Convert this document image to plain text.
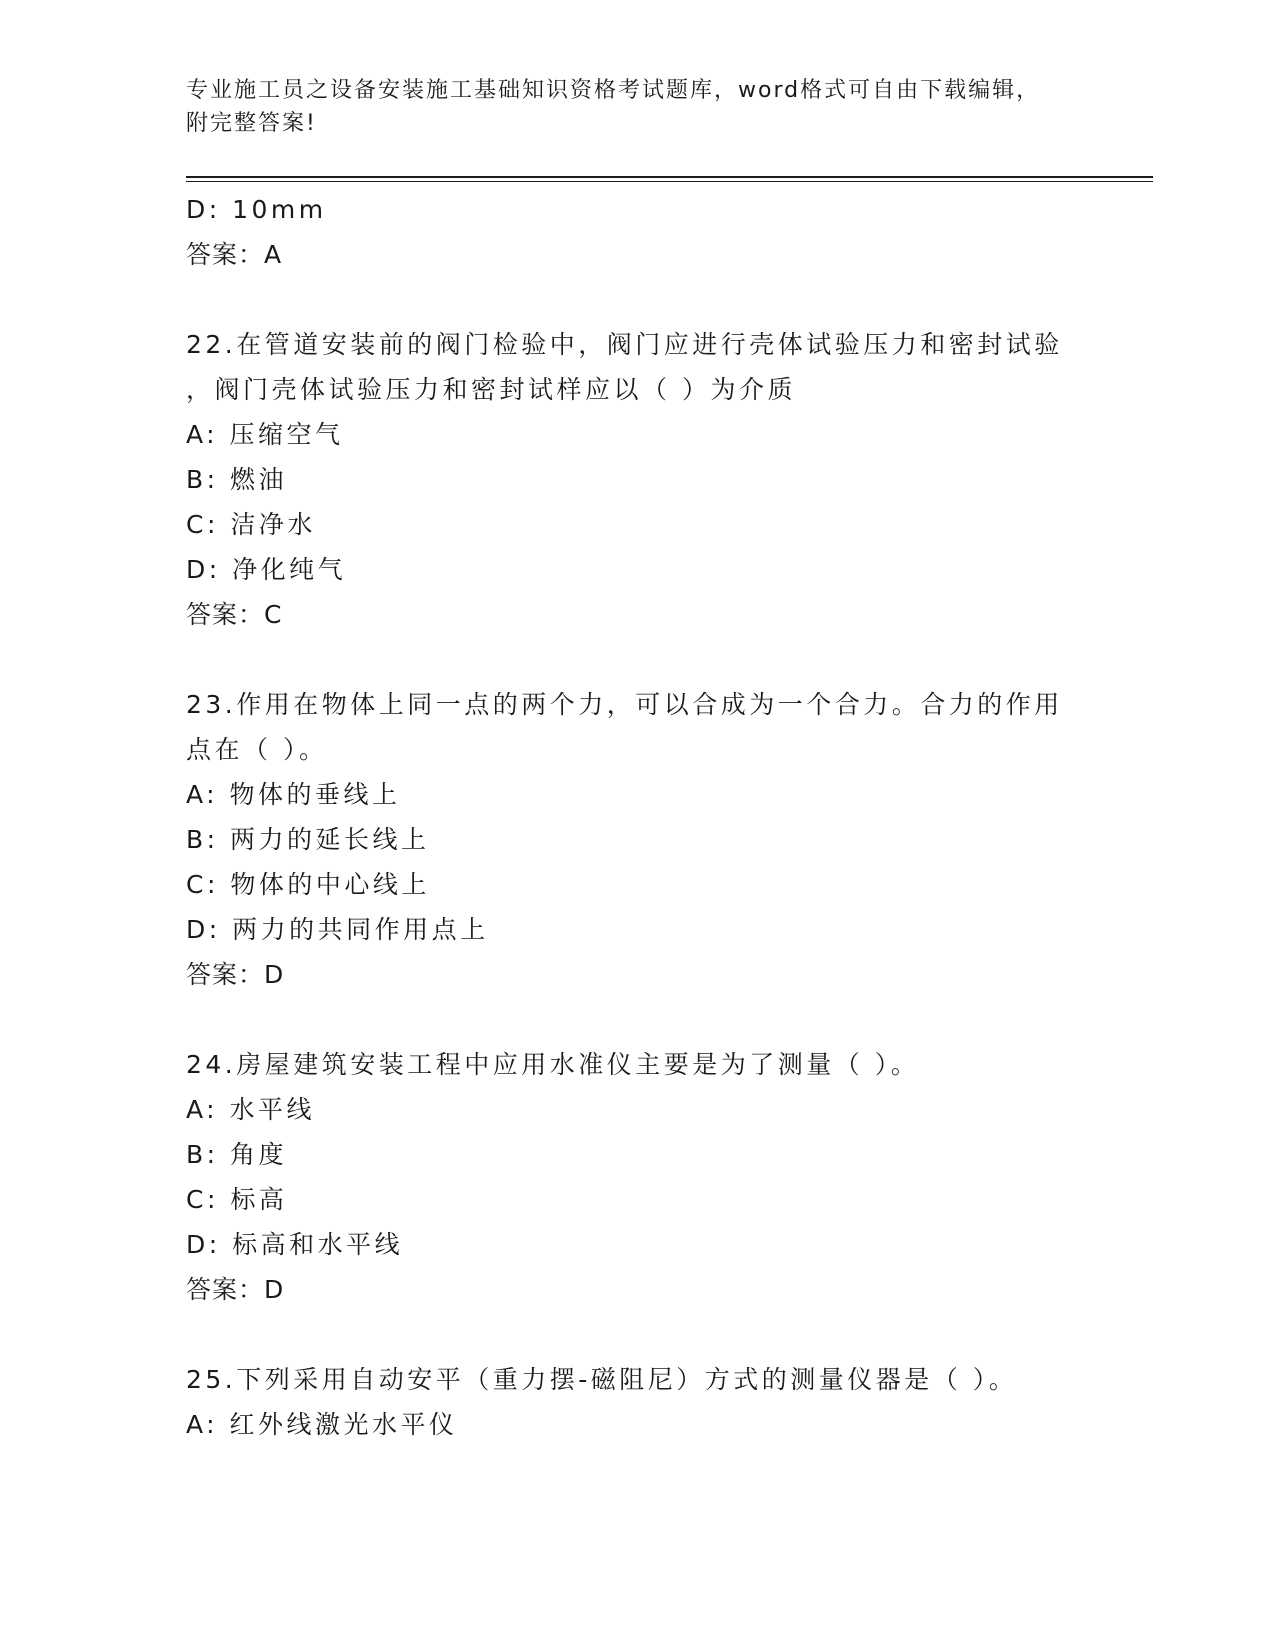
专业施工员之设备安装施工基础知识资格考试题库，word格式可自由下载编辑，
附完整答案!
D: 10mm
答案：A
22.在管道安装前的阀门检验中，阀门应进行壳体试验压力和密封试验
，阀门壳体试验压力和密封试样应以（ ）为介质
A: 压缩空气
B: 燃油
C: 洁净水
D: 净化纯气
答案：C
23.作用在物体上同一点的两个力，可以合成为一个合力。合力的作用
点在（ ）。
A: 物体的垂线上
B: 两力的延长线上
C: 物体的中心线上
D: 两力的共同作用点上
答案：D
24.房屋建筑安装工程中应用水准仪主要是为了测量（ ）。
A: 水平线
B: 角度
C: 标高
D: 标高和水平线
答案：D
25.下列采用自动安平（重力摆-磁阻尼）方式的测量仪器是（ ）。
A: 红外线激光水平仪
